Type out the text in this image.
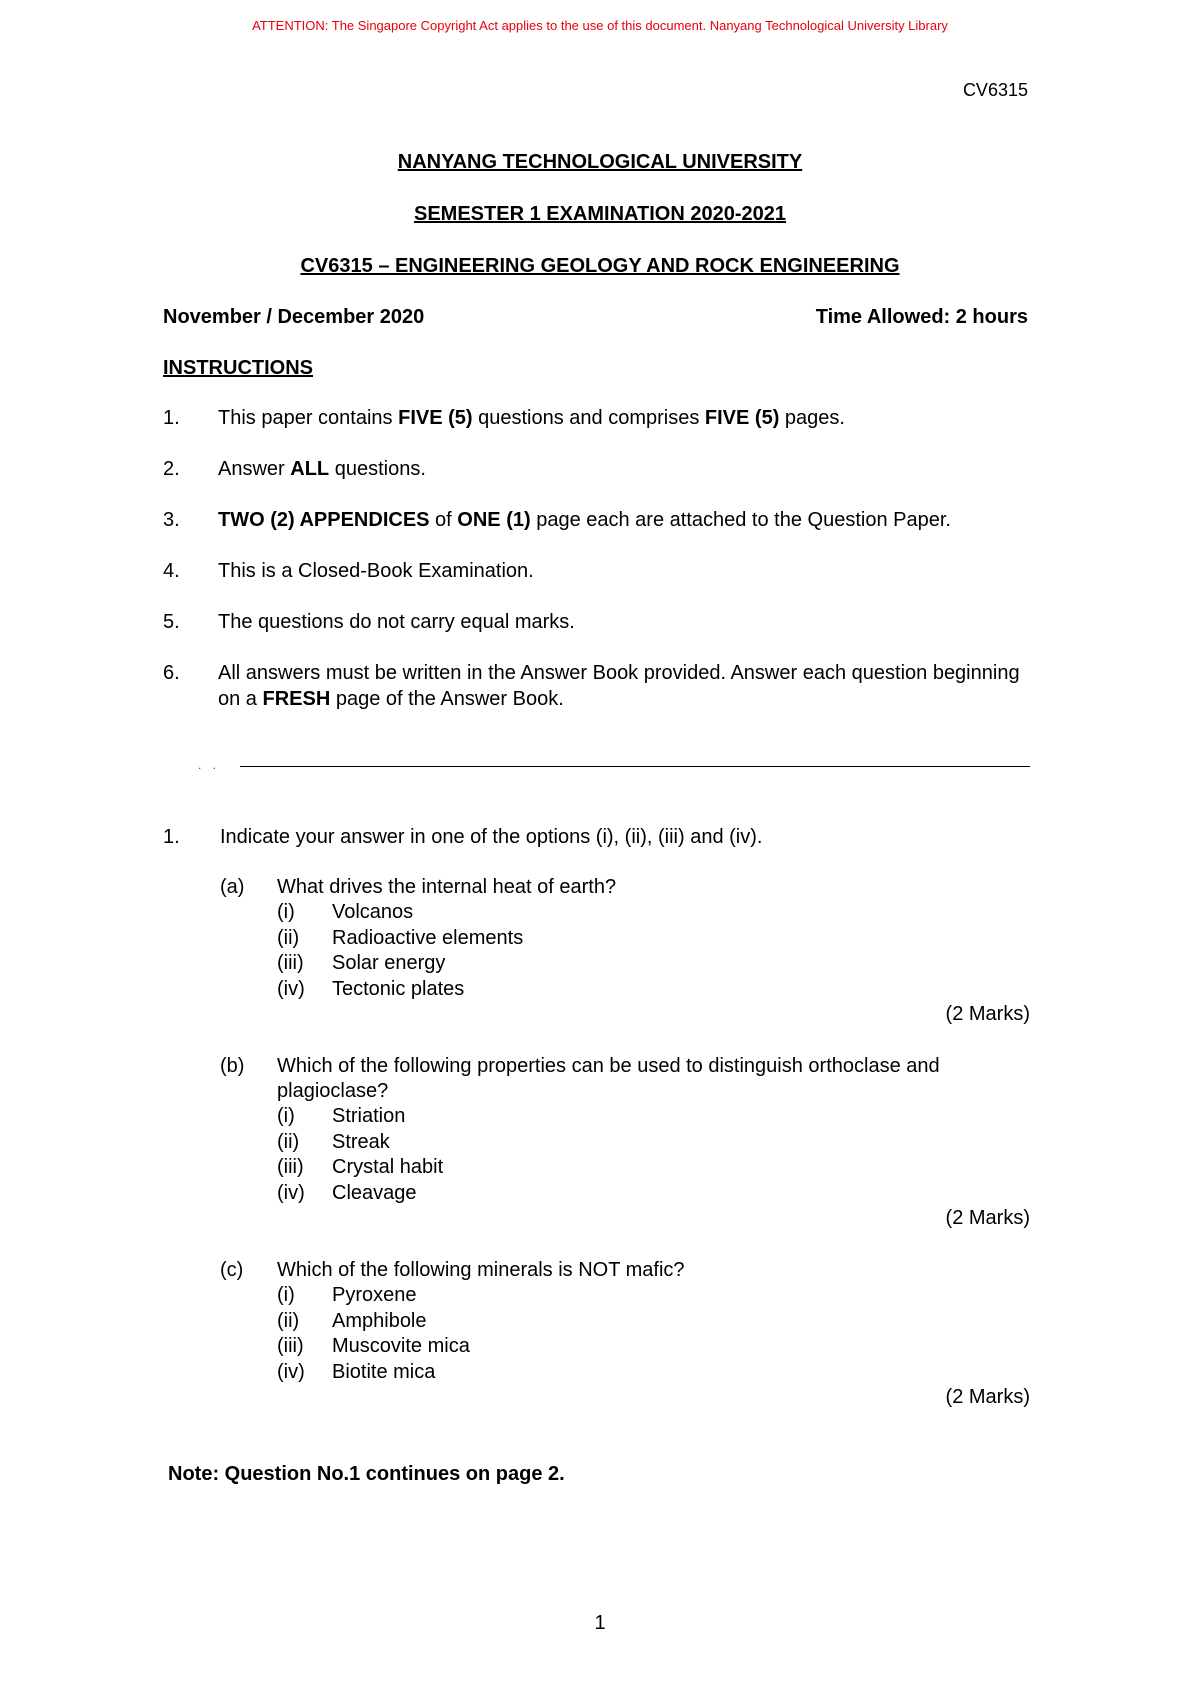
ATTENTION: The Singapore Copyright Act applies to the use of this document. Nanyang Technological University Library
CV6315
NANYANG TECHNOLOGICAL UNIVERSITY
SEMESTER 1 EXAMINATION 2020-2021
CV6315 – ENGINEERING GEOLOGY AND ROCK ENGINEERING
November / December 2020	Time Allowed: 2 hours
INSTRUCTIONS
1. This paper contains FIVE (5) questions and comprises FIVE (5) pages.
2. Answer ALL questions.
3. TWO (2) APPENDICES of ONE (1) page each are attached to the Question Paper.
4. This is a Closed-Book Examination.
5. The questions do not carry equal marks.
6. All answers must be written in the Answer Book provided. Answer each question beginning on a FRESH page of the Answer Book.
. .
1. Indicate your answer in one of the options (i), (ii), (iii) and (iv).
(a) What drives the internal heat of earth?
(i) Volcanos
(ii) Radioactive elements
(iii) Solar energy
(iv) Tectonic plates
(2 Marks)
(b) Which of the following properties can be used to distinguish orthoclase and
plagioclase?
(i) Striation
(ii) Streak
(iii) Crystal habit
(iv) Cleavage
(2 Marks)
(c) Which of the following minerals is NOT mafic?
(i) Pyroxene
(ii) Amphibole
(iii) Muscovite mica
(iv) Biotite mica
(2 Marks)
Note: Question No.1 continues on page 2.
1
